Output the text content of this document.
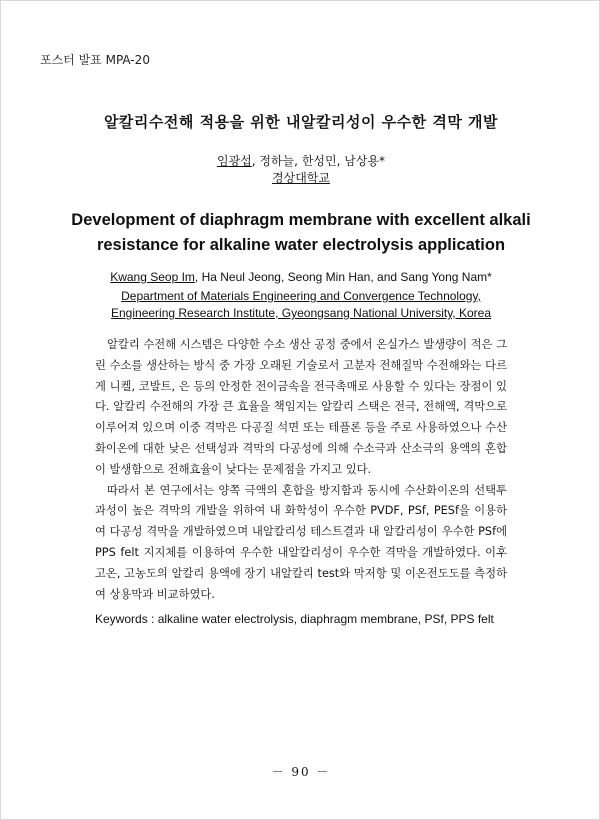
포스터 발표 MPA-20
알칼리수전해 적용을 위한 내알칼리성이 우수한 격막 개발
임광섭, 정하늘, 한성민, 남상용*
경상대학교
Development of diaphragm membrane with excellent alkali resistance for alkaline water electrolysis application
Kwang Seop Im, Ha Neul Jeong, Seong Min Han, and Sang Yong Nam*
Department of Materials Engineering and Convergence Technology,
Engineering Research Institute, Gyeongsang National University, Korea

알칼리 수전해 시스템은 다양한 수소 생산 공정 중에서 온실가스 발생량이 적은 그린 수소를 생산하는 방식 중 가장 오래된 기술로서 고분자 전해질막 수전해와는 다르게 니켈, 코발트, 은 등의 안정한 전이금속을 전극촉매로 사용할 수 있다는 장점이 있다. 알칼리 수전해의 가장 큰 효율을 책임지는 알칼리 스택은 전극, 전해액, 격막으로 이루어져 있으며 이중 격막은 다공질 석면 또는 테플론 등을 주로 사용하였으나 수산화이온에 대한 낮은 선택성과 격막의 다공성에 의해 수소극과 산소극의 용액의 혼합이 발생함으로 전해효율이 낮다는 문제점을 가지고 있다.

따라서 본 연구에서는 양쪽 극액의 혼합을 방지함과 동시에 수산화이온의 선택투과성이 높은 격막의 개발을 위하여 내 화학성이 우수한 PVDF, PSf, PESf을 이용하여 다공성 격막을 개발하였으며 내알칼리성 테스트결과 내 알칼리성이 우수한 PSf에 PPS felt 지지체를 이용하여 우수한 내알칼리성이 우수한 격막을 개발하였다. 이후 고온, 고농도의 알칼리 용액에 장기 내알칼리 test와 막저항 및 이온전도도를 측정하여 상용막과 비교하였다.

Keywords : alkaline water electrolysis, diaphragm membrane, PSf, PPS felt
－ 90 －
